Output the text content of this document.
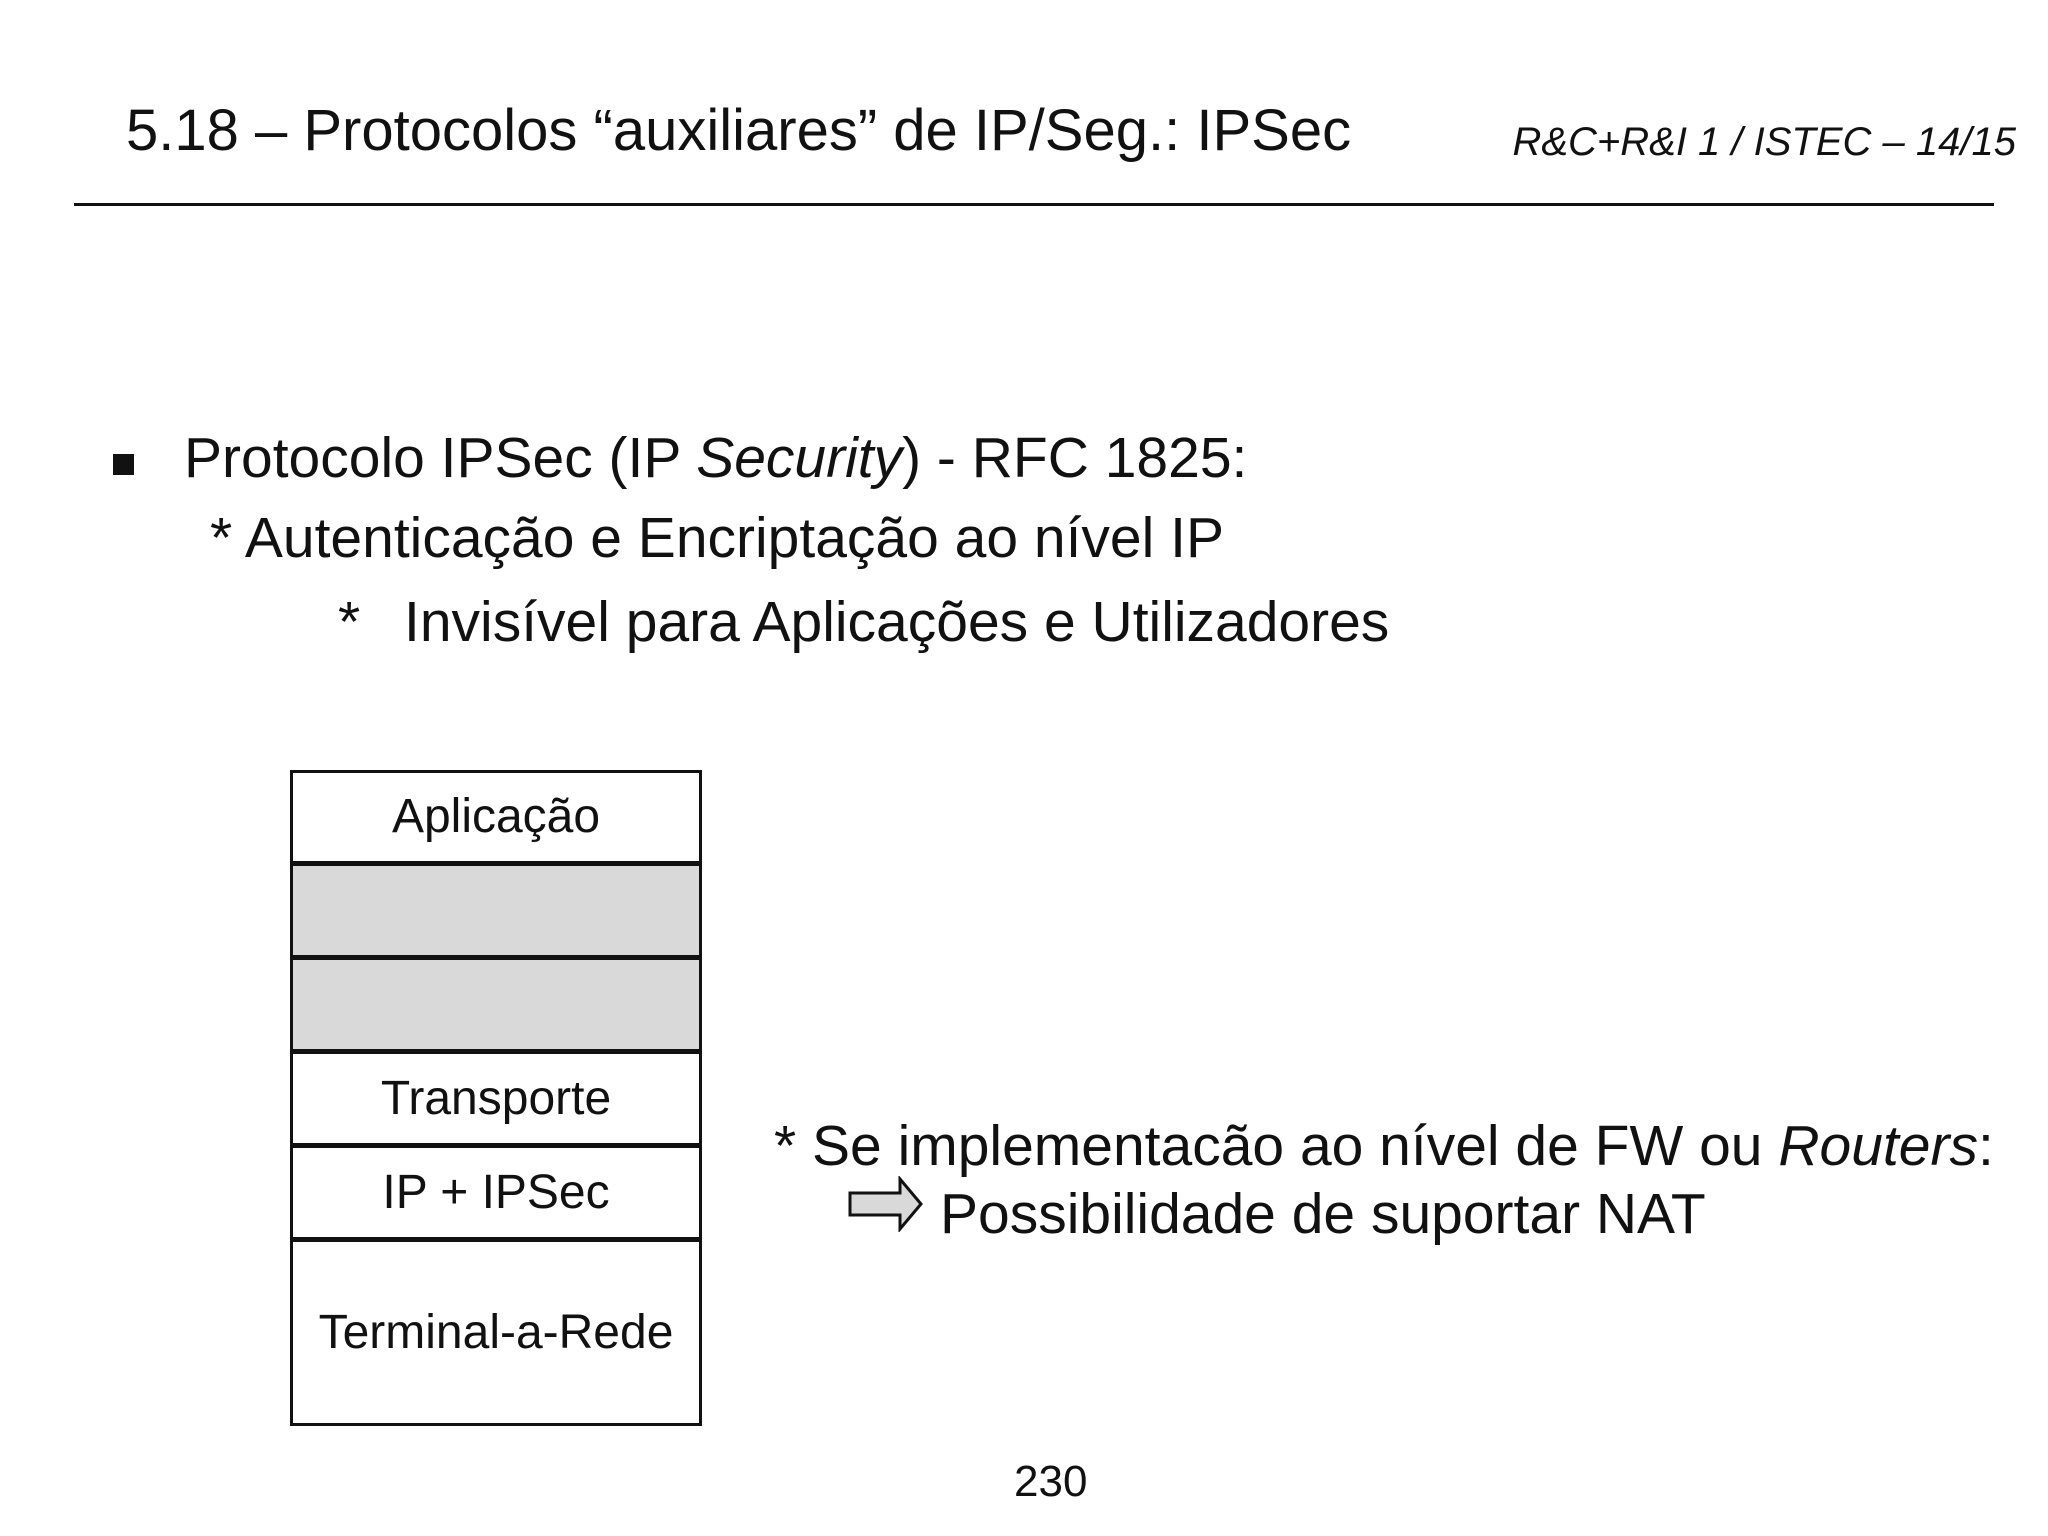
5.18 – Protocolos “auxiliares” de IP/Seg.: IPSec	R&C+R&I 1 / ISTEC – 14/15
Protocolo IPSec (IP Security) - RFC 1825:
* Autenticação e Encriptação ao nível IP
* Invisível para Aplicações e Utilizadores
Aplicação
Transporte
IP + IPSec
Terminal-a-Rede
* Se implementacão ao nível de FW ou Routers:
Possibilidade de suportar NAT
230
